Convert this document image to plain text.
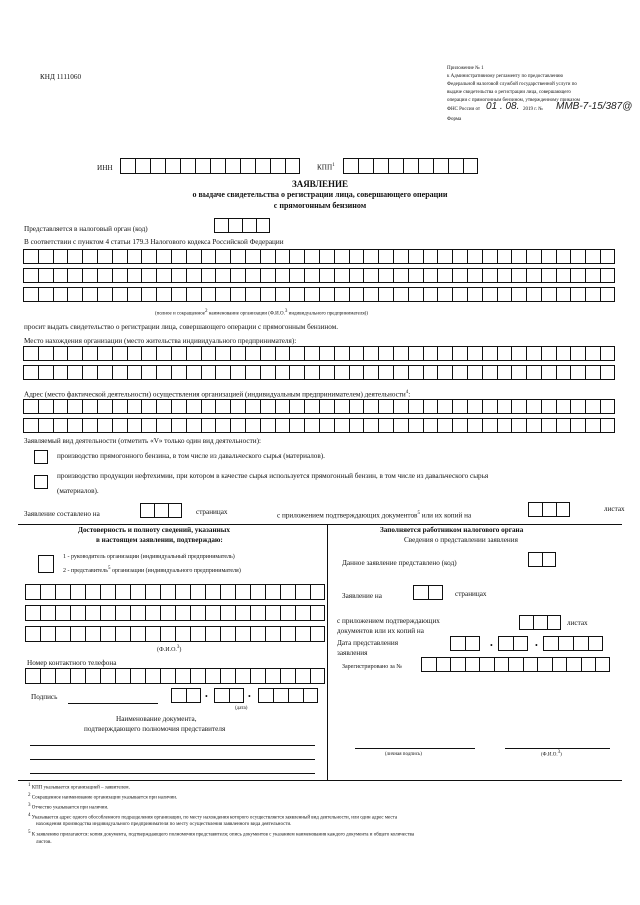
КНД 1111060
Приложение № 1
к Административному регламенту по предоставлению
Федеральной налоговой службой государственной услуги по
выдаче свидетельства о регистрации лица, совершающего
операции с прямогонным бензином, утвержденному приказом
ФНС России от 01 . 08. 2019 г. № ММВ-7-15/387@
Форма
ИНН	КПП$^1$
ЗАЯВЛЕНИЕ
о выдаче свидетельства о регистрации лица, совершающего операции
с прямогонным бензином
Представляется в налоговый орган (код)
В соответствии с пунктом 4 статьи 179.3 Налогового кодекса Российской Федерации
(полное и сокращенное2 наименование организации (Ф.И.О.3 индивидуального предпринимателя))
просит выдать свидетельство о регистрации лица, совершающего операции с прямогонным бензином.
Место нахождения организации (место жительства индивидуального предпринимателя):
Адрес (место фактической деятельности) осуществления организацией (индивидуальным предпринимателем) деятельности$^4$:
Заявляемый вид деятельности (отметить «V» только один вид деятельности):
производство прямогонного бензина, в том числе из давальческого сырья (материалов).
производство продукции нефтехимии, при котором в качестве сырья используется прямогонный бензин, в том числе из давальческого сырья
(материалов).
Заявление составлено на	страницах	с приложением подтверждающих документов$^5$ или их копий на
листах
Достоверность и полноту сведений, указанных
в настоящем заявлении, подтверждаю:
1 - руководитель организации (индивидуальный предприниматель)
2 - представитель$^5$ организации (индивидуального предпринимателя)
(Ф.И.О.$^3$)
Номер контактного телефона
Подпись	•	•
(дата)
Наименование документа,
подтверждающего полномочия представителя
Заполняется работником налогового органа
Сведения о представлении заявления
Данное заявление представлено (код)
Заявление на	страницах
с приложением подтверждающих
документов или их копий на
листах
Дата представления
заявления
•	•
Зарегистрировано за №
(личная подпись)	(Ф.И.О.3)
1 КПП указывается организацией – заявителем.
2 Сокращенное наименование организации указывается при наличии.
3 Отчество указывается при наличии.
4 Указывается адрес одного обособленного подразделения организации, по месту нахождения которого осуществляется заявленный вид деятельности, или один адрес места
нахождения производства индивидуального предпринимателя по месту осуществления заявленного вида деятельности.
5 К заявлению прилагаются: копия документа, подтверждающего полномочия представителя; опись документов с указанием наименования каждого документа и общего количества
листов.
